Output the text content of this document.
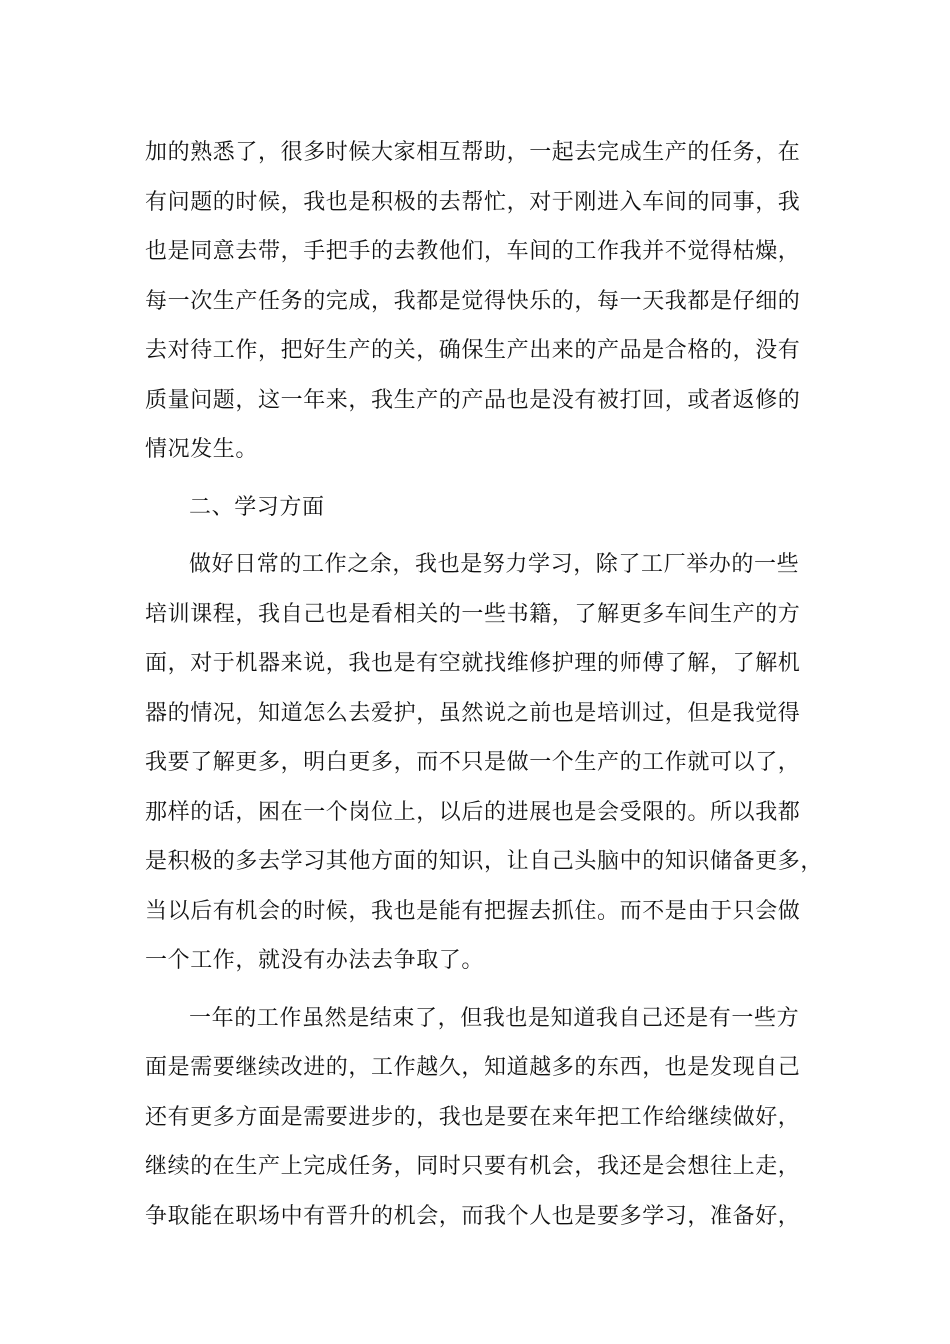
加的熟悉了，很多时候大家相互帮助，一起去完成生产的任务，在
有问题的时候，我也是积极的去帮忙，对于刚进入车间的同事，我
也是同意去带，手把手的去教他们，车间的工作我并不觉得枯燥，
每一次生产任务的完成，我都是觉得快乐的，每一天我都是仔细的
去对待工作，把好生产的关，确保生产出来的产品是合格的，没有
质量问题，这一年来，我生产的产品也是没有被打回，或者返修的
情况发生。
二、学习方面
做好日常的工作之余，我也是努力学习，除了工厂举办的一些
培训课程，我自己也是看相关的一些书籍，了解更多车间生产的方
面，对于机器来说，我也是有空就找维修护理的师傅了解，了解机
器的情况，知道怎么去爱护，虽然说之前也是培训过，但是我觉得
我要了解更多，明白更多，而不只是做一个生产的工作就可以了，
那样的话，困在一个岗位上，以后的进展也是会受限的。所以我都
是积极的多去学习其他方面的知识，让自己头脑中的知识储备更多，
当以后有机会的时候，我也是能有把握去抓住。而不是由于只会做
一个工作，就没有办法去争取了。
一年的工作虽然是结束了，但我也是知道我自己还是有一些方
面是需要继续改进的，工作越久，知道越多的东西，也是发现自己
还有更多方面是需要进步的，我也是要在来年把工作给继续做好，
继续的在生产上完成任务，同时只要有机会，我还是会想往上走，
争取能在职场中有晋升的机会，而我个人也是要多学习，准备好，
